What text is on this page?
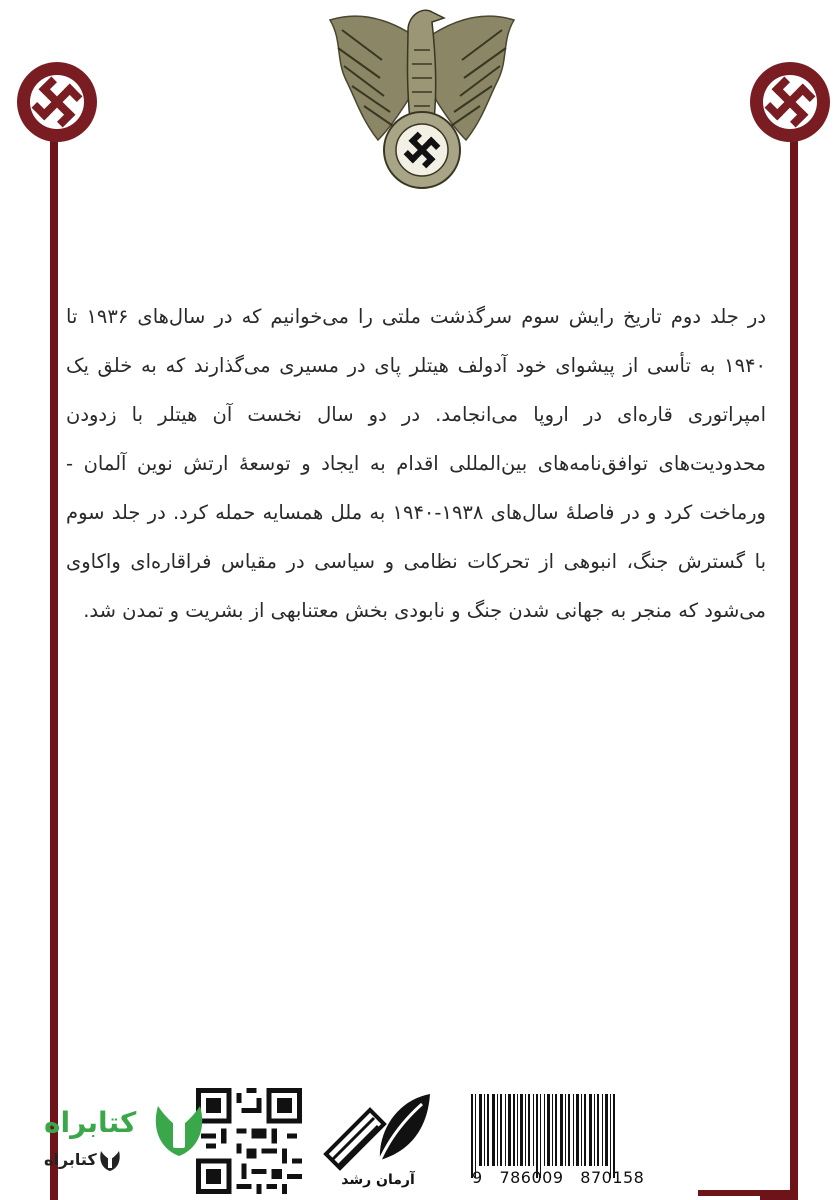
در جلد دوم تاریخ رایش سوم سرگذشت ملتی را می‌خوانیم که در سال‌های ۱۹۳۶ تا ۱۹۴۰ به تأسی از پیشوای خود آدولف هیتلر پای در مسیری می‌گذارند که به خلق یک امپراتوری قاره‌ای در اروپا می‌انجامد. در دو سال نخست آن هیتلر با زدودن محدودیت‌های توافق‌نامه‌های بین‌المللی اقدام به ایجاد و توسعهٔ ارتش نوین آلمان - ورماخت کرد و در فاصلهٔ سال‌های ۱۹۳۸-۱۹۴۰ به ملل همسایه حمله کرد. در جلد سوم با گسترش جنگ، انبوهی از تحرکات نظامی و سیاسی در مقیاس فراقاره‌ای واکاوی می‌شود که منجر به جهانی شدن جنگ و نابودی بخش معتنابهی از بشریت و تمدن شد.

9   786009   870158
آرمان رشد
کتابراه
کتابراه
